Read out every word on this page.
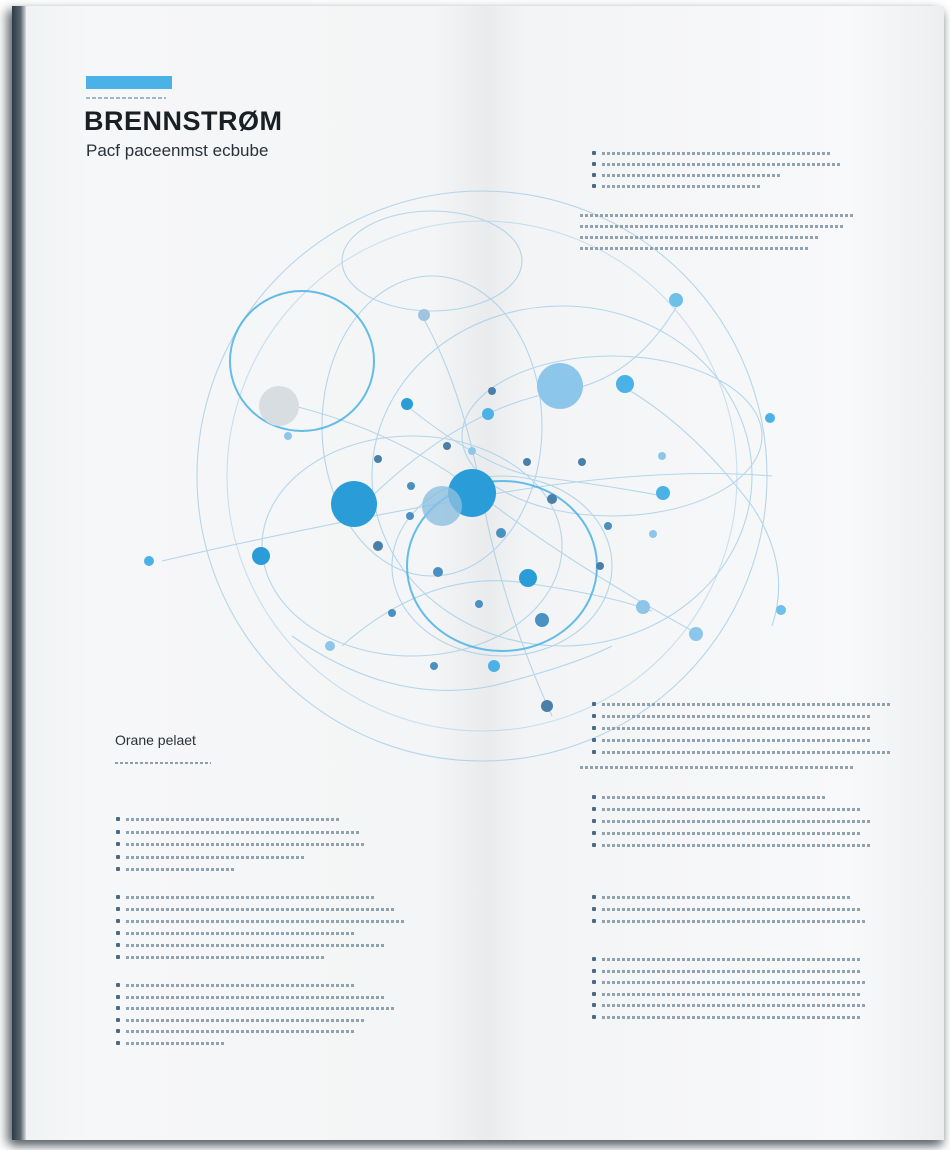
BRENNSTRØM
Pacf paceenmst ecbube
Orane pelaet
